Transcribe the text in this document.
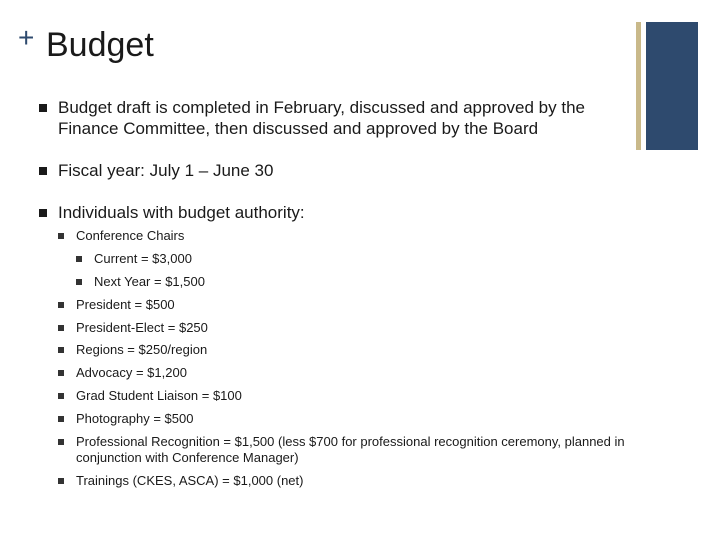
+ Budget
Budget draft is completed in February, discussed and approved by the Finance Committee, then discussed and approved by the Board
Fiscal year: July 1 – June 30
Individuals with budget authority:
Conference Chairs
Current = $3,000
Next Year = $1,500
President = $500
President-Elect = $250
Regions = $250/region
Advocacy = $1,200
Grad Student Liaison = $100
Photography = $500
Professional Recognition = $1,500 (less $700 for professional recognition ceremony, planned in conjunction with Conference Manager)
Trainings (CKES, ASCA) = $1,000 (net)
